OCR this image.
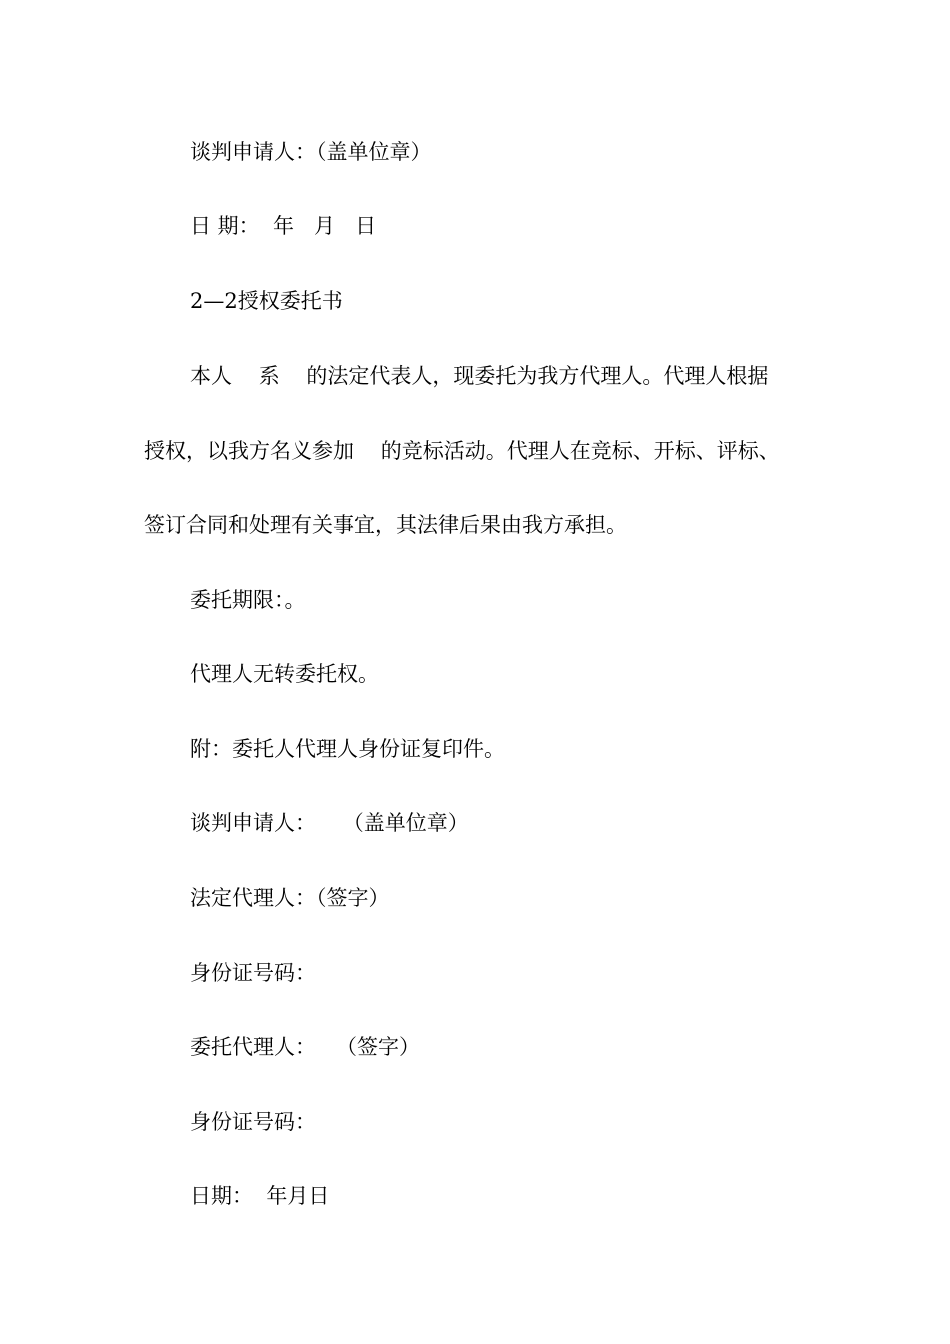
谈判申请人：（盖单位章）
日 期：  年   月   日
2—2授权委托书
本人    系    的法定代表人，现委托为我方代理人。代理人根据
授权，以我方名义参加    的竞标活动。代理人在竞标、开标、评标、
签订合同和处理有关事宜，其法律后果由我方承担。
委托期限：。
代理人无转委托权。
附：委托人代理人身份证复印件。
谈判申请人：    （盖单位章）
法定代理人：（签字）
身份证号码：
委托代理人：   （签字）
身份证号码：
日期：  年月日
